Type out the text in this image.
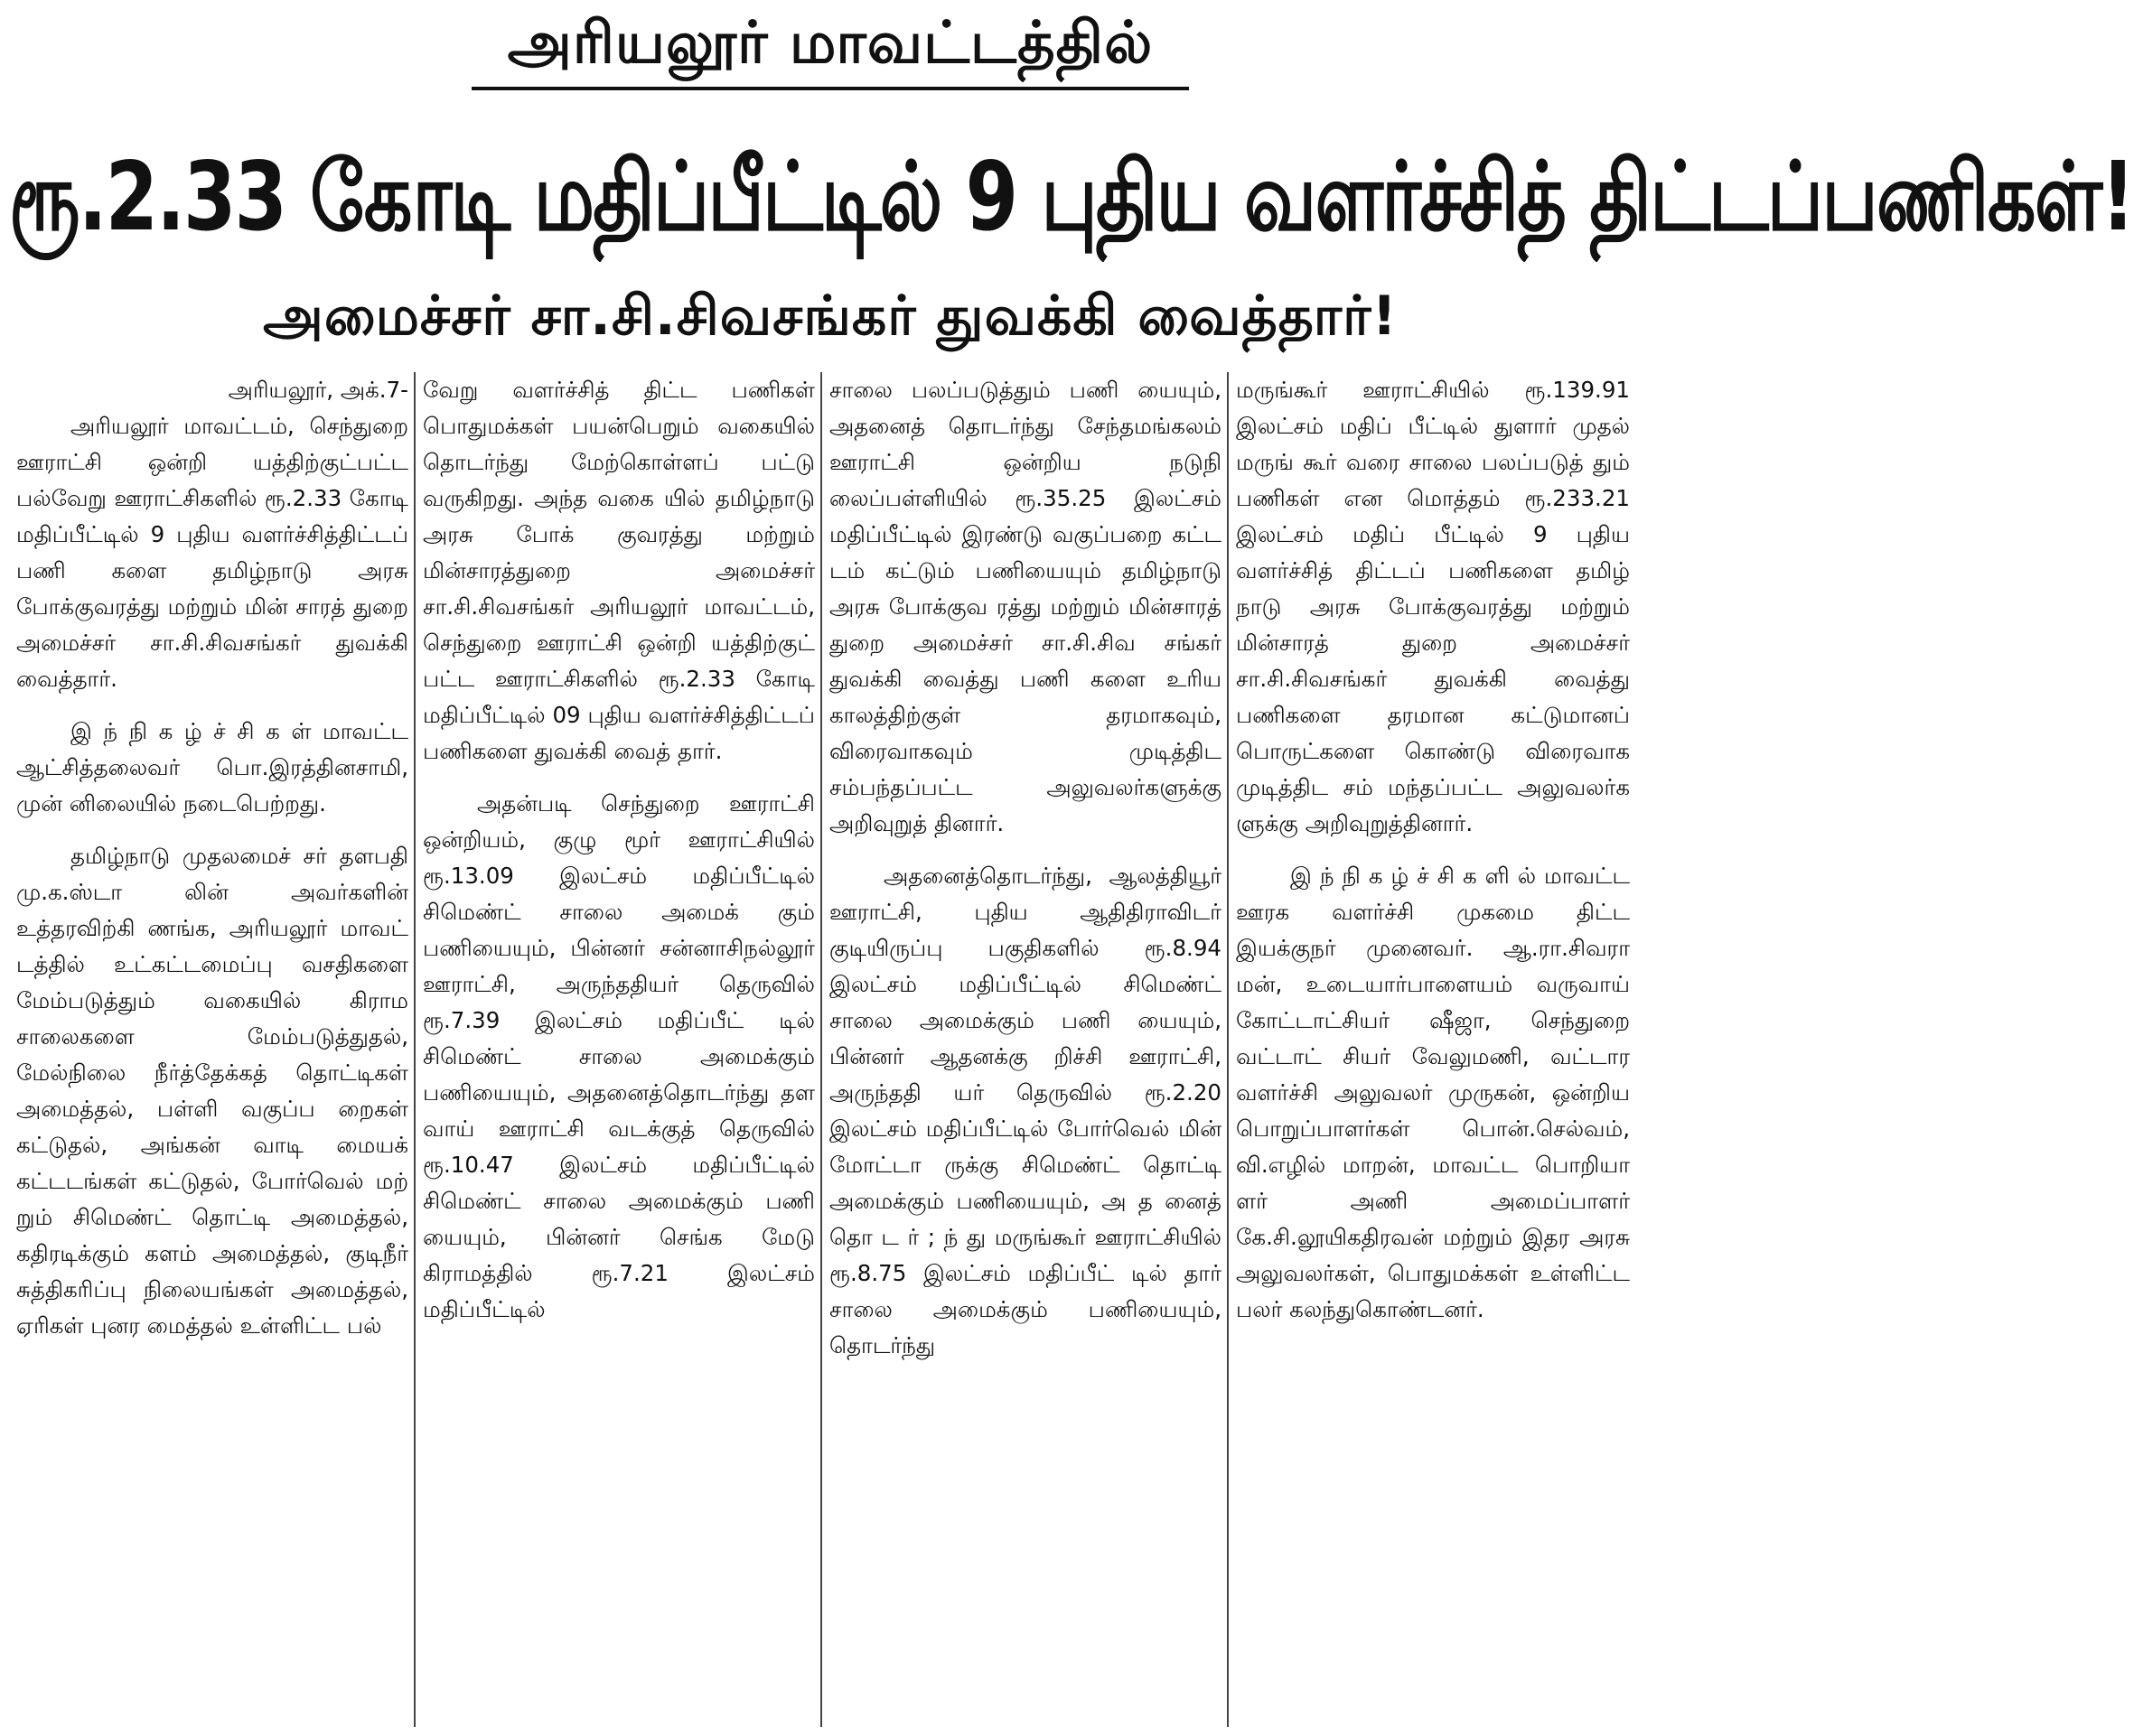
அரியலூர் மாவட்டத்தில்
ரூ.2.33 கோடி மதிப்பீட்டில் 9 புதிய வளர்ச்சித் திட்டப்பணிகள்!
அமைச்சர் சா.சி.சிவசங்கர் துவக்கி வைத்தார்!

அரியலூர், அக்.7-

அரியலூர் மாவட்டம், செந்துறை ஊராட்சி ஒன்றி யத்திற்குட்பட்ட பல்வேறு ஊராட்சிகளில் ரூ.2.33 கோடி மதிப்பீட்டில் 9 புதிய வளர்ச்சித்திட்டப் பணி களை தமிழ்நாடு அரசு போக்குவரத்து மற்றும் மின் சாரத் துறை அமைச்சர் சா.சி.சிவசங்கர் துவக்கி வைத்தார்.

இ ந் நி க ழ் ச் சி க ள் மாவட்ட ஆட்சித்தலைவர் பொ.இரத்தினசாமி, முன் னிலையில் நடைபெற்றது.

தமிழ்நாடு முதலமைச் சர் தளபதி மு.க.ஸ்டா லின் அவர்களின் உத்தரவிற்கி ணங்க, அரியலூர் மாவட் டத்தில் உட்கட்டமைப்பு வசதிகளை மேம்படுத்தும் வகையில் கிராம சாலைகளை மேம்படுத்துதல், மேல்நிலை நீர்த்தேக்கத் தொட்டிகள் அமைத்தல், பள்ளி வகுப்ப றைகள் கட்டுதல், அங்கன் வாடி மையக் கட்டடங்கள் கட்டுதல், போர்வெல் மற் றும் சிமெண்ட் தொட்டி அமைத்தல், கதிரடிக்கும் களம் அமைத்தல், குடிநீர் சுத்திகரிப்பு நிலையங்கள் அமைத்தல், ஏரிகள் புனர மைத்தல் உள்ளிட்ட பல்

வேறு வளர்ச்சித் திட்ட பணிகள் பொதுமக்கள் பயன்பெறும் வகையில் தொடர்ந்து மேற்கொள்ளப் பட்டு வருகிறது. அந்த வகை யில் தமிழ்நாடு அரசு போக் குவரத்து மற்றும் மின்சாரத்துறை அமைச்சர் சா.சி.சிவசங்கர் அரியலூர் மாவட்டம், செந்துறை ஊராட்சி ஒன்றி யத்திற்குட் பட்ட ஊராட்சிகளில் ரூ.2.33 கோடி மதிப்பீட்டில் 09 புதிய வளர்ச்சித்திட்டப் பணிகளை துவக்கி வைத் தார்.

அதன்படி செந்துறை ஊராட்சி ஒன்றியம், குழு மூர் ஊராட்சியில் ரூ.13.09 இலட்சம் மதிப்பீட்டில் சிமெண்ட் சாலை அமைக் கும் பணியையும், பின்னர் சன்னாசிநல்லூர் ஊராட்சி, அருந்ததியர் தெருவில் ரூ.7.39 இலட்சம் மதிப்பீட் டில் சிமெண்ட் சாலை அமைக்கும் பணியையும், அதனைத்தொடர்ந்து தள வாய் ஊராட்சி வடக்குத் தெருவில் ரூ.10.47 இலட்சம் மதிப்பீட்டில் சிமெண்ட் சாலை அமைக்கும் பணி யையும், பின்னர் செங்க மேடு கிராமத்தில் ரூ.7.21 இலட்சம் மதிப்பீட்டில்

சாலை பலப்படுத்தும் பணி யையும், அதனைத் தொடர்ந்து சேந்தமங்கலம் ஊராட்சி ஒன்றிய நடுநி லைப்பள்ளியில் ரூ.35.25 இலட்சம் மதிப்பீட்டில் இரண்டு வகுப்பறை கட்ட டம் கட்டும் பணியையும் தமிழ்நாடு அரசு போக்குவ ரத்து மற்றும் மின்சாரத் துறை அமைச்சர் சா.சி.சிவ சங்கர் துவக்கி வைத்து பணி களை உரிய காலத்திற்குள் தரமாகவும், விரைவாகவும் முடித்திட சம்பந்தப்பட்ட அலுவலர்களுக்கு அறிவுறுத் தினார்.

அதனைத்தொடர்ந்து, ஆலத்தியூர் ஊராட்சி, புதிய ஆதிதிராவிடர் குடியிருப்பு பகுதிகளில் ரூ.8.94 இலட்சம் மதிப்பீட்டில் சிமெண்ட் சாலை அமைக்கும் பணி யையும், பின்னர் ஆதனக்கு றிச்சி ஊராட்சி, அருந்ததி யர் தெருவில் ரூ.2.20 இலட்சம் மதிப்பீட்டில் போர்வெல் மின் மோட்டா ருக்கு சிமெண்ட் தொட்டி அமைக்கும் பணியையும், அ த னைத் தொ ட ர் ; ந் து மருங்கூர் ஊராட்சியில் ரூ.8.75 இலட்சம் மதிப்பீட் டில் தார் சாலை அமைக்கும் பணியையும், தொடர்ந்து

மருங்கூர் ஊராட்சியில் ரூ.139.91 இலட்சம் மதிப் பீட்டில் துளார் முதல் மருங் கூர் வரை சாலை பலப்படுத் தும் பணிகள் என மொத்தம் ரூ.233.21 இலட்சம் மதிப் பீட்டில் 9 புதிய வளர்ச்சித் திட்டப் பணிகளை தமிழ் நாடு அரசு போக்குவரத்து மற்றும் மின்சாரத் துறை அமைச்சர் சா.சி.சிவசங்கர் துவக்கி வைத்து பணிகளை தரமான கட்டுமானப் பொருட்களை கொண்டு விரைவாக முடித்திட சம் மந்தப்பட்ட அலுவலர்க ளுக்கு அறிவுறுத்தினார்.

இ ந் நி க ழ் ச் சி க ளி ல் மாவட்ட ஊரக வளர்ச்சி முகமை திட்ட இயக்குநர் முனைவர். ஆ.ரா.சிவரா மன், உடையார்பாளையம் வருவாய் கோட்டாட்சியர் ஷீஜா, செந்துறை வட்டாட் சியர் வேலுமணி, வட்டார வளர்ச்சி அலுவலர் முருகன், ஒன்றிய பொறுப்பாளர்கள் பொன்.செல்வம், வி.எழில் மாறன், மாவட்ட பொறியா ளர் அணி அமைப்பாளர் கே.சி.லூயிகதிரவன் மற்றும் இதர அரசு அலுவலர்கள், பொதுமக்கள் உள்ளிட்ட பலர் கலந்துகொண்டனர்.
